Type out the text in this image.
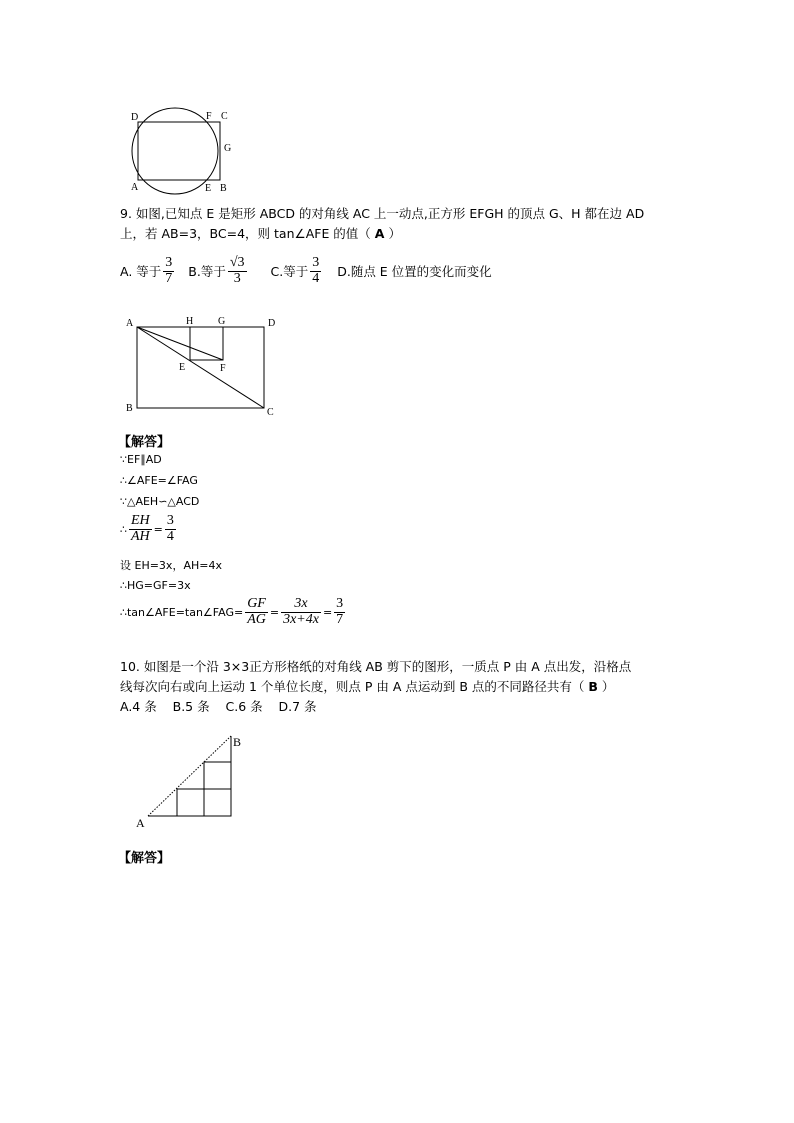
D	F C
G
A	E B
9. 如图,已知点 E 是矩形 ABCD 的对角线 AC 上一动点,正方形 EFGH 的顶点 G、H 都在边 AD
上，若 AB=3，BC=4，则 tan∠AFE 的值（ A ）
A. 等于 $\frac{3}{7} B$.等于 $\frac{√3}{3} C$.等于 $\frac{3}{4} D$.随点 E 位置的变化而变化
A	H G	D
E	F
B	C
【解答】
∵EF∥AD
∴∠AFE=∠FAG
∵△AEH∽△ACD
∴ $\frac{EH}{AH} = \frac{3}{4}$
设 EH=3x，AH=4x
∴HG=GF=3x
∴tan∠AFE=tan∠FAG= $\frac{GF}{AG} = \frac{3x}{3x+4x} = \frac{3}{7}$
10. 如图是一个沿 3×3正方形格纸的对角线 AB 剪下的图形，一质点 P 由 A 点出发，沿格点
线每次向右或向上运动 1 个单位长度，则点 P 由 A 点运动到 B 点的不同路径共有（ B ）
A.4 条    B.5 条    C.6 条    D.7 条
A
B
【解答】
